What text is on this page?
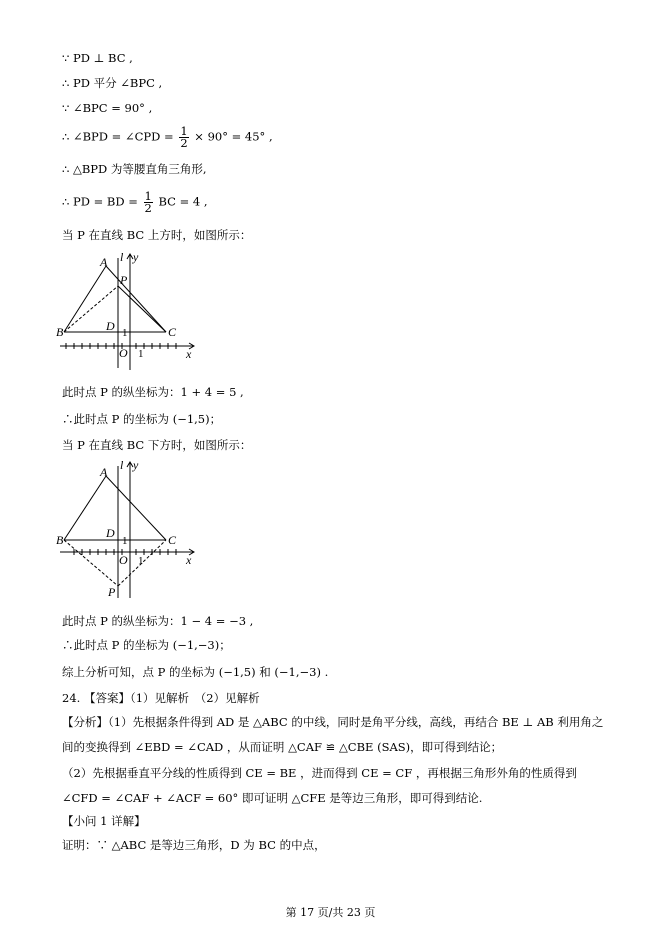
∵ PD ⊥ BC ,
∴ PD 平分 ∠BPC ,
∵ ∠BPC = 90° ,
∴ ∠BPD = ∠CPD = $\frac{1}{2} \times 90^\circ = 45^\circ$ ,
∴ △BPD 为等腰直角三角形,
∴ PD = BD = $\frac{1}{2}$ BC = 4 ,
当 P 在直线 BC 上方时，如图所示：
A
B	C
D
P
O
l y
x
1
1
此时点 P 的纵坐标为：1 + 4 = 5 ,
∴此时点 P 的坐标为 (−1,5)；
当 P 在直线 BC 下方时，如图所示：
A
B	C
D
P
O
l y
x
1
1
此时点 P 的纵坐标为：1 − 4 = −3 ,
∴此时点 P 的坐标为 (−1,−3)；
综上分析可知，点 P 的坐标为 (−1,5) 和 (−1,−3) .
24. 【答案】（1）见解析　（2）见解析
【分析】（1）先根据条件得到 AD 是 △ABC 的中线，同时是角平分线，高线，再结合 BE ⊥ AB 利用角之
间的变换得到 ∠EBD = ∠CAD ，从而证明 △CAF ≌ △CBE (SAS)，即可得到结论；
（2）先根据垂直平分线的性质得到 CE = BE ，进而得到 CE = CF ，再根据三角形外角的性质得到
∠CFD = ∠CAF + ∠ACF = 60° 即可证明 △CFE 是等边三角形，即可得到结论.
【小问 1 详解】
证明：∵ △ABC 是等边三角形，D 为 BC 的中点，
第 17 页/共 23 页
